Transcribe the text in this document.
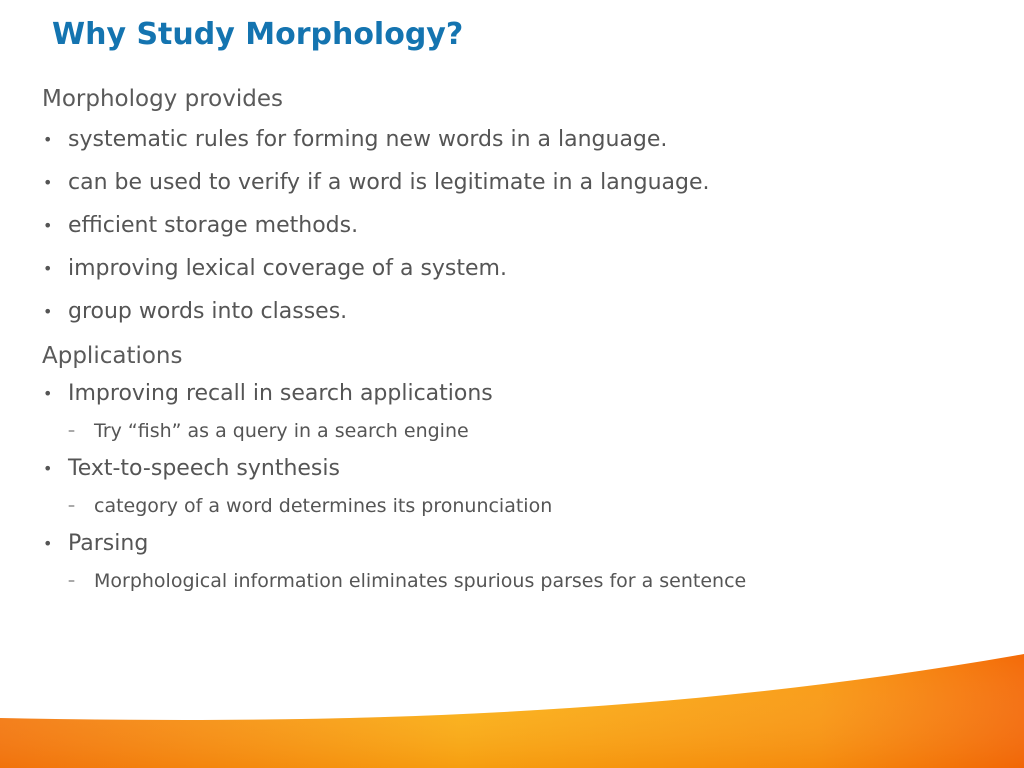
Why Study Morphology?
Morphology provides
• systematic rules for forming new words in a language.
• can be used to verify if a word is legitimate in a language.
• efficient storage methods.
• improving lexical coverage of a system.
• group words into classes.
Applications
• Improving recall in search applications
– Try “fish” as a query in a search engine
• Text-to-speech synthesis
– category of a word determines its pronunciation
• Parsing
– Morphological information eliminates spurious parses for a sentence
